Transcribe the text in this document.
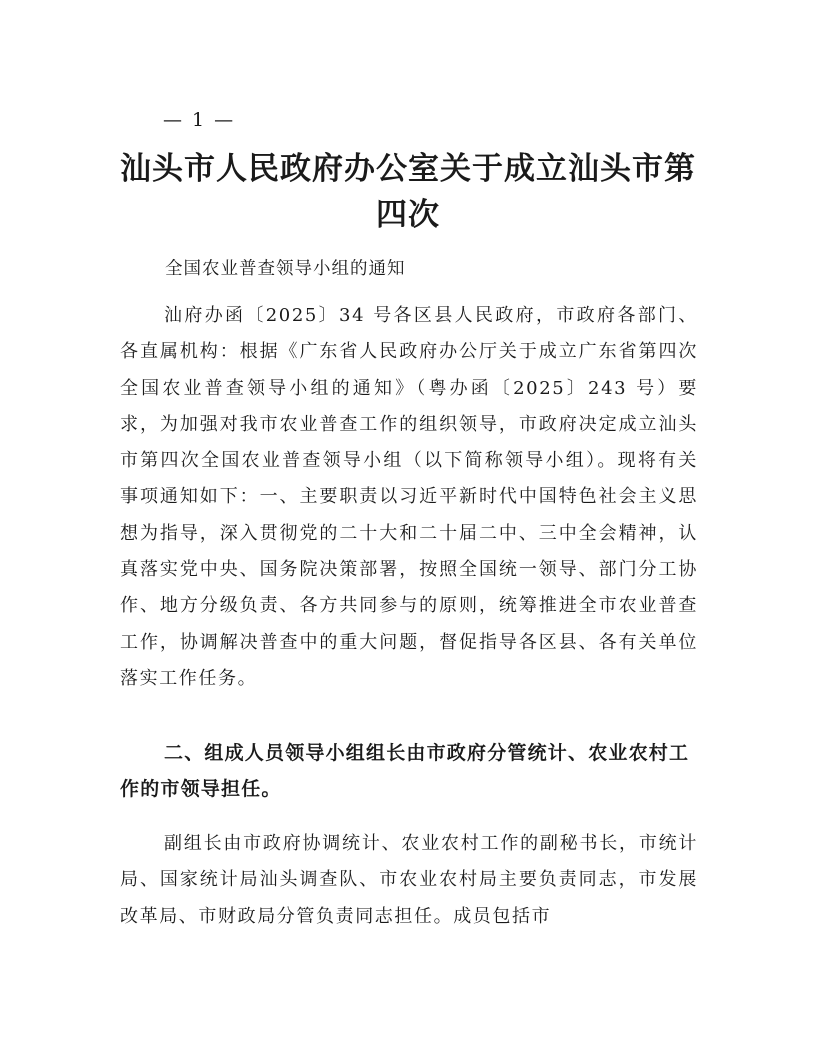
— 1 —
汕头市人民政府办公室关于成立汕头市第四次

全国农业普查领导小组的通知

汕府办函〔2025〕34 号各区县人民政府，市政府各部门、各直属机构：根据《广东省人民政府办公厅关于成立广东省第四次全国农业普查领导小组的通知》（粤办函〔2025〕243 号）要求，为加强对我市农业普查工作的组织领导，市政府决定成立汕头市第四次全国农业普查领导小组（以下简称领导小组）。现将有关事项通知如下：一、主要职责以习近平新时代中国特色社会主义思想为指导，深入贯彻党的二十大和二十届二中、三中全会精神，认真落实党中央、国务院决策部署，按照全国统一领导、部门分工协作、地方分级负责、各方共同参与的原则，统筹推进全市农业普查工作，协调解决普查中的重大问题，督促指导各区县、各有关单位落实工作任务。

二、组成人员领导小组组长由市政府分管统计、农业农村工作的市领导担任。

副组长由市政府协调统计、农业农村工作的副秘书长，市统计局、国家统计局汕头调查队、市农业农村局主要负责同志，市发展改革局、市财政局分管负责同志担任。成员包括市
